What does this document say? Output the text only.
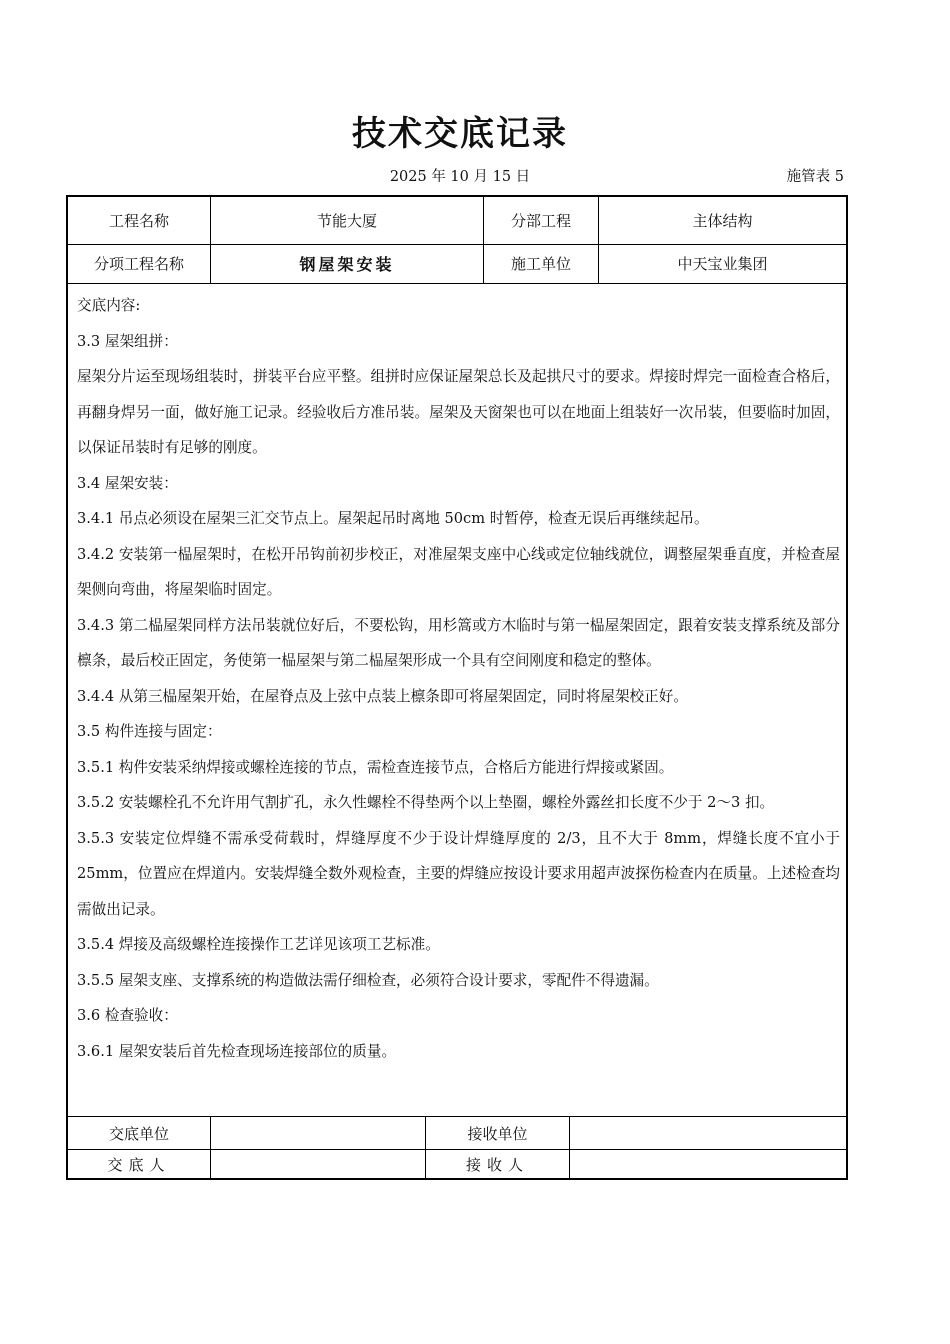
技术交底记录
2025 年 10 月 15 日	施管表 5
工程名称	节能大厦	分部工程	主体结构
分项工程名称	钢屋架安装	施工单位	中天宝业集团

交底内容:

3.3 屋架组拼：

屋架分片运至现场组装时，拼装平台应平整。组拼时应保证屋架总长及起拱尺寸的要求。焊接时焊完一面检查合格后，再翻身焊另一面，做好施工记录。经验收后方准吊装。屋架及天窗架也可以在地面上组装好一次吊装，但要临时加固，以保证吊装时有足够的刚度。

3.4 屋架安装：

3.4.1 吊点必须设在屋架三汇交节点上。屋架起吊时离地 50cm 时暂停，检查无误后再继续起吊。

3.4.2 安装第一榀屋架时，在松开吊钩前初步校正，对准屋架支座中心线或定位轴线就位，调整屋架垂直度，并检查屋架侧向弯曲，将屋架临时固定。

3.4.3 第二榀屋架同样方法吊装就位好后，不要松钩，用杉篙或方木临时与第一榀屋架固定，跟着安装支撑系统及部分檩条，最后校正固定，务使第一榀屋架与第二榀屋架形成一个具有空间刚度和稳定的整体。

3.4.4 从第三榀屋架开始，在屋脊点及上弦中点装上檩条即可将屋架固定，同时将屋架校正好。

3.5 构件连接与固定：

3.5.1 构件安装采纳焊接或螺栓连接的节点，需检查连接节点，合格后方能进行焊接或紧固。

3.5.2 安装螺栓孔不允许用气割扩孔，永久性螺栓不得垫两个以上垫圈，螺栓外露丝扣长度不少于 2～3 扣。

3.5.3 安装定位焊缝不需承受荷载时，焊缝厚度不少于设计焊缝厚度的 2/3，且不大于 8mm，焊缝长度不宜小于 25mm，位置应在焊道内。安装焊缝全数外观检查，主要的焊缝应按设计要求用超声波探伤检查内在质量。上述检查均需做出记录。

3.5.4 焊接及高级螺栓连接操作工艺详见该项工艺标准。

3.5.5 屋架支座、支撑系统的构造做法需仔细检查，必须符合设计要求，零配件不得遗漏。

3.6 检查验收：

3.6.1 屋架安装后首先检查现场连接部位的质量。

交底单位	接收单位
交底人	接收人
